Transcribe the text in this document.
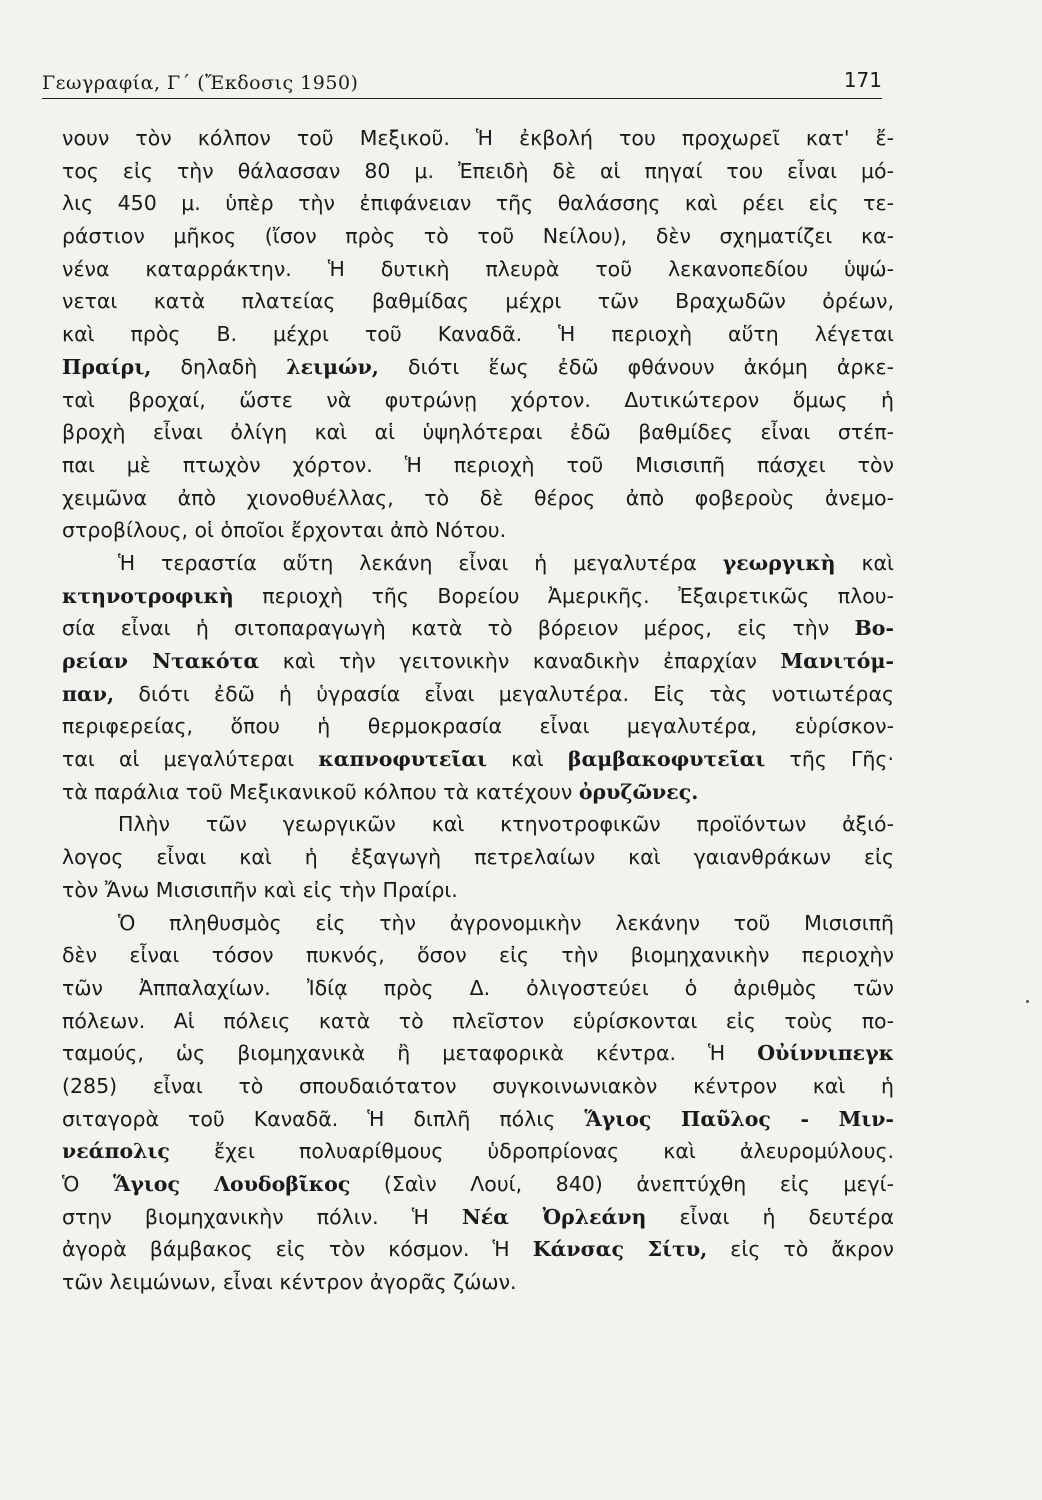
Γεωγραφία, Γ΄ (Ἔκδοσις 1950)	171
νουν τὸν κόλπον τοῦ Μεξικοῦ. Ἡ ἐκβολή του προχωρεῖ κατ' ἔ-
τος εἰς τὴν θάλασσαν 80 μ. Ἐπειδὴ δὲ αἱ πηγαί του εἶναι μό-
λις 450 μ. ὑπὲρ τὴν ἐπιφάνειαν τῆς θαλάσσης καὶ ρέει εἰς τε-
ράστιον μῆκος (ἴσον πρὸς τὸ τοῦ Νείλου), δὲν σχηματίζει κα-
νένα καταρράκτην. Ἡ δυτικὴ πλευρὰ τοῦ λεκανοπεδίου ὑψώ-
νεται κατὰ πλατείας βαθμίδας μέχρι τῶν Βραχωδῶν ὀρέων,
καὶ πρὸς Β. μέχρι τοῦ Καναδᾶ. Ἡ περιοχὴ αὕτη λέγεται
Πραίρι, δηλαδὴ λειμών, διότι ἕως ἐδῶ φθάνουν ἀκόμη ἀρκε-
ταὶ βροχαί, ὥστε νὰ φυτρώνῃ χόρτον. Δυτικώτερον ὅμως ἡ
βροχὴ εἶναι ὀλίγη καὶ αἱ ὑψηλότεραι ἐδῶ βαθμίδες εἶναι στέπ-
παι μὲ πτωχὸν χόρτον. Ἡ περιοχὴ τοῦ Μισισιπῆ πάσχει τὸν
χειμῶνα ἀπὸ χιονοθυέλλας, τὸ δὲ θέρος ἀπὸ φοβεροὺς ἀνεμο-
στροβίλους, οἱ ὁποῖοι ἔρχονται ἀπὸ Νότου.
Ἡ τεραστία αὕτη λεκάνη εἶναι ἡ μεγαλυτέρα γεωργικὴ καὶ
κτηνοτροφικὴ περιοχὴ τῆς Βορείου Ἀμερικῆς. Ἐξαιρετικῶς πλου-
σία εἶναι ἡ σιτοπαραγωγὴ κατὰ τὸ βόρειον μέρος, εἰς τὴν Βο-
ρείαν Ντακότα καὶ τὴν γειτονικὴν καναδικὴν ἐπαρχίαν Μανιτόμ-
παν, διότι ἐδῶ ἡ ὑγρασία εἶναι μεγαλυτέρα. Εἰς τὰς νοτιωτέρας
περιφερείας, ὅπου ἡ θερμοκρασία εἶναι μεγαλυτέρα, εὑρίσκον-
ται αἱ μεγαλύτεραι καπνοφυτεῖαι καὶ βαμβακοφυτεῖαι τῆς Γῆς·
τὰ παράλια τοῦ Μεξικανικοῦ κόλπου τὰ κατέχουν ὀρυζῶνες.
Πλὴν τῶν γεωργικῶν καὶ κτηνοτροφικῶν προϊόντων ἀξιό-
λογος εἶναι καὶ ἡ ἐξαγωγὴ πετρελαίων καὶ γαιανθράκων εἰς
τὸν Ἄνω Μισισιπῆν καὶ εἰς τὴν Πραίρι.
Ὁ πληθυσμὸς εἰς τὴν ἀγρονομικὴν λεκάνην τοῦ Μισισιπῆ
δὲν εἶναι τόσον πυκνός, ὅσον εἰς τὴν βιομηχανικὴν περιοχὴν
τῶν Ἀππαλαχίων. Ἰδίᾳ πρὸς Δ. ὀλιγοστεύει ὁ ἀριθμὸς τῶν
πόλεων. Αἱ πόλεις κατὰ τὸ πλεῖστον εὑρίσκονται εἰς τοὺς πο-
ταμούς, ὡς βιομηχανικὰ ἢ μεταφορικὰ κέντρα. Ἡ Οὐίννιπεγκ
(285) εἶναι τὸ σπουδαιότατον συγκοινωνιακὸν κέντρον καὶ ἡ
σιταγορὰ τοῦ Καναδᾶ. Ἡ διπλῆ πόλις Ἅγιος Παῦλος - Μιν-
νεάπολις ἔχει πολυαρίθμους ὑδροπρίονας καὶ ἀλευρομύλους.
Ὁ Ἅγιος Λουδοβῖκος (Σαὶν Λουί, 840) ἀνεπτύχθη εἰς μεγί-
στην βιομηχανικὴν πόλιν. Ἡ Νέα Ὀρλεάνη εἶναι ἡ δευτέρα
ἀγορὰ βάμβακος εἰς τὸν κόσμον. Ἡ Κάνσας Σίτυ, εἰς τὸ ἄκρον
τῶν λειμώνων, εἶναι κέντρον ἀγορᾶς ζώων.
